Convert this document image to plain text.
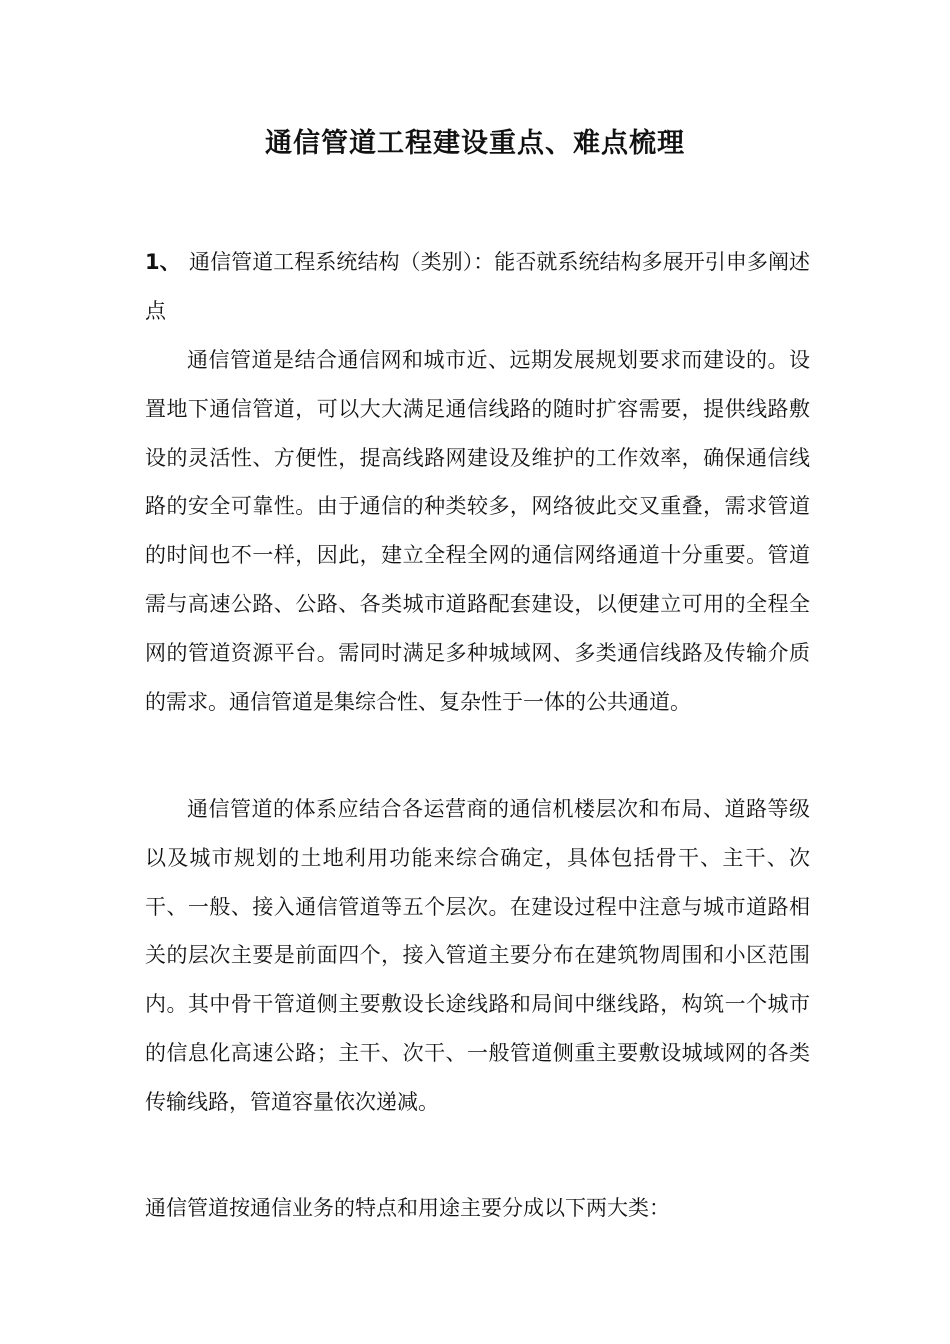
通信管道工程建设重点、难点梳理

1、 通信管道工程系统结构（类别）：能否就系统结构多展开引申多阐述点

通信管道是结合通信网和城市近、远期发展规划要求而建设的。设置地下通信管道，可以大大满足通信线路的随时扩容需要，提供线路敷设的灵活性、方便性，提高线路网建设及维护的工作效率，确保通信线路的安全可靠性。由于通信的种类较多，网络彼此交叉重叠，需求管道的时间也不一样，因此，建立全程全网的通信网络通道十分重要。管道需与高速公路、公路、各类城市道路配套建设，以便建立可用的全程全网的管道资源平台。需同时满足多种城域网、多类通信线路及传输介质的需求。通信管道是集综合性、复杂性于一体的公共通道。

通信管道的体系应结合各运营商的通信机楼层次和布局、道路等级以及城市规划的土地利用功能来综合确定，具体包括骨干、主干、次干、一般、接入通信管道等五个层次。在建设过程中注意与城市道路相关的层次主要是前面四个，接入管道主要分布在建筑物周围和小区范围内。其中骨干管道侧主要敷设长途线路和局间中继线路，构筑一个城市的信息化高速公路；主干、次干、一般管道侧重主要敷设城域网的各类传输线路，管道容量依次递减。

通信管道按通信业务的特点和用途主要分成以下两大类：
